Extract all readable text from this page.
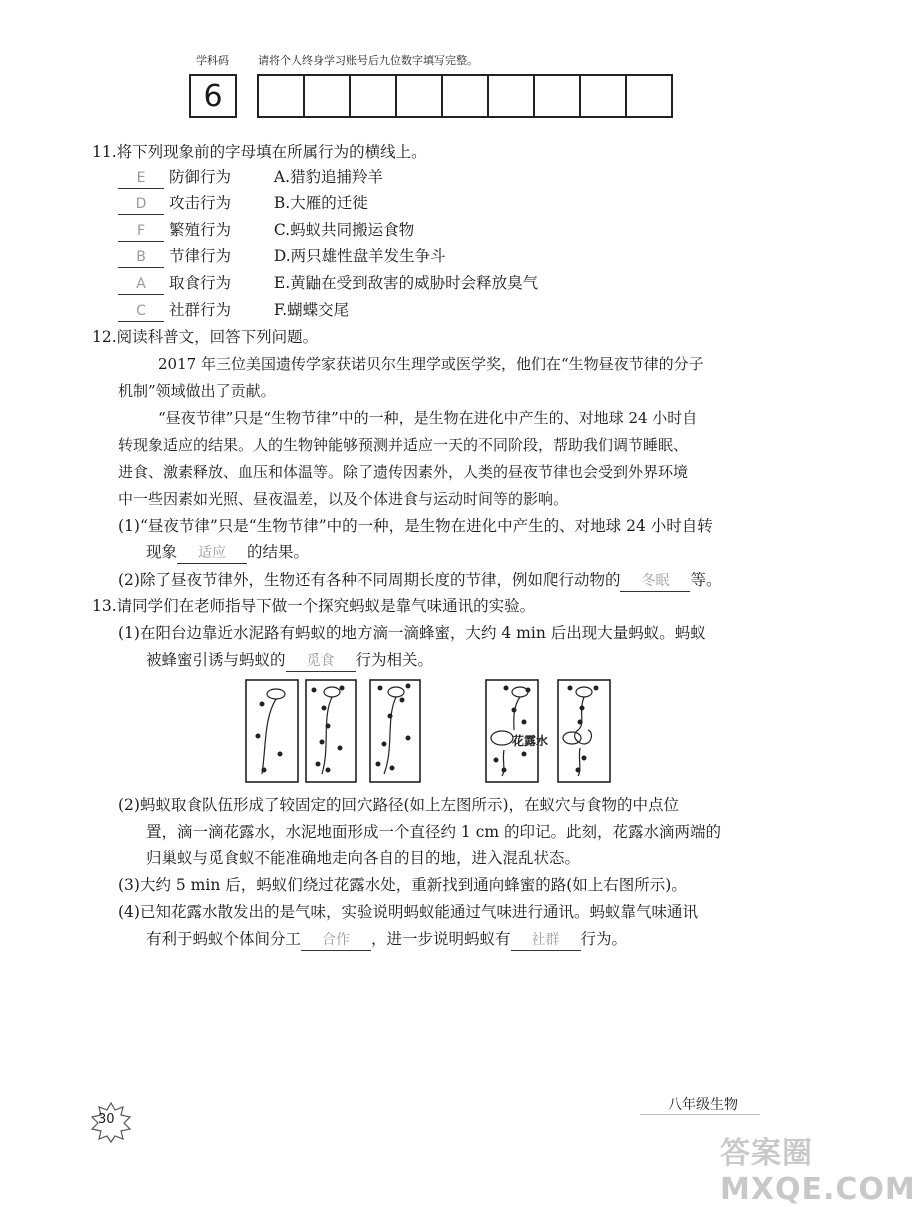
学科码	请将个人终身学习账号后九位数字填写完整。
6
11.将下列现象前的字母填在所属行为的横线上。
E 防御行为	A.猎豹追捕羚羊
D 攻击行为	B.大雁的迁徙
F 繁殖行为	C.蚂蚁共同搬运食物
B 节律行为	D.两只雄性盘羊发生争斗
A 取食行为	E.黄鼬在受到敌害的威胁时会释放臭气
C 社群行为	F.蝴蝶交尾
12.阅读科普文，回答下列问题。
2017 年三位美国遗传学家获诺贝尔生理学或医学奖，他们在“生物昼夜节律的分子
机制”领域做出了贡献。
“昼夜节律”只是“生物节律”中的一种，是生物在进化中产生的、对地球 24 小时自
转现象适应的结果。人的生物钟能够预测并适应一天的不同阶段，帮助我们调节睡眠、
进食、激素释放、血压和体温等。除了遗传因素外，人类的昼夜节律也会受到外界环境
中一些因素如光照、昼夜温差，以及个体进食与运动时间等的影响。
(1)“昼夜节律”只是“生物节律”中的一种，是生物在进化中产生的、对地球 24 小时自转
现象 适应 的结果。
(2)除了昼夜节律外，生物还有各种不同周期长度的节律，例如爬行动物的 冬眠 等。
13.请同学们在老师指导下做一个探究蚂蚁是靠气味通讯的实验。
(1)在阳台边靠近水泥路有蚂蚁的地方滴一滴蜂蜜，大约 4 min 后出现大量蚂蚁。蚂蚁
被蜂蜜引诱与蚂蚁的 觅食 行为相关。
花露水
(2)蚂蚁取食队伍形成了较固定的回穴路径(如上左图所示)，在蚁穴与食物的中点位
置，滴一滴花露水，水泥地面形成一个直径约 1 cm 的印记。此刻，花露水滴两端的
归巢蚁与觅食蚁不能准确地走向各自的目的地，进入混乱状态。
(3)大约 5 min 后，蚂蚁们绕过花露水处，重新找到通向蜂蜜的路(如上右图所示)。
(4)已知花露水散发出的是气味，实验说明蚂蚁能通过气味进行通讯。蚂蚁靠气味通讯
有利于蚂蚁个体间分工 合作 ，进一步说明蚂蚁有 社群 行为。
30
八年级生物
答案圈 MXQE.COM
